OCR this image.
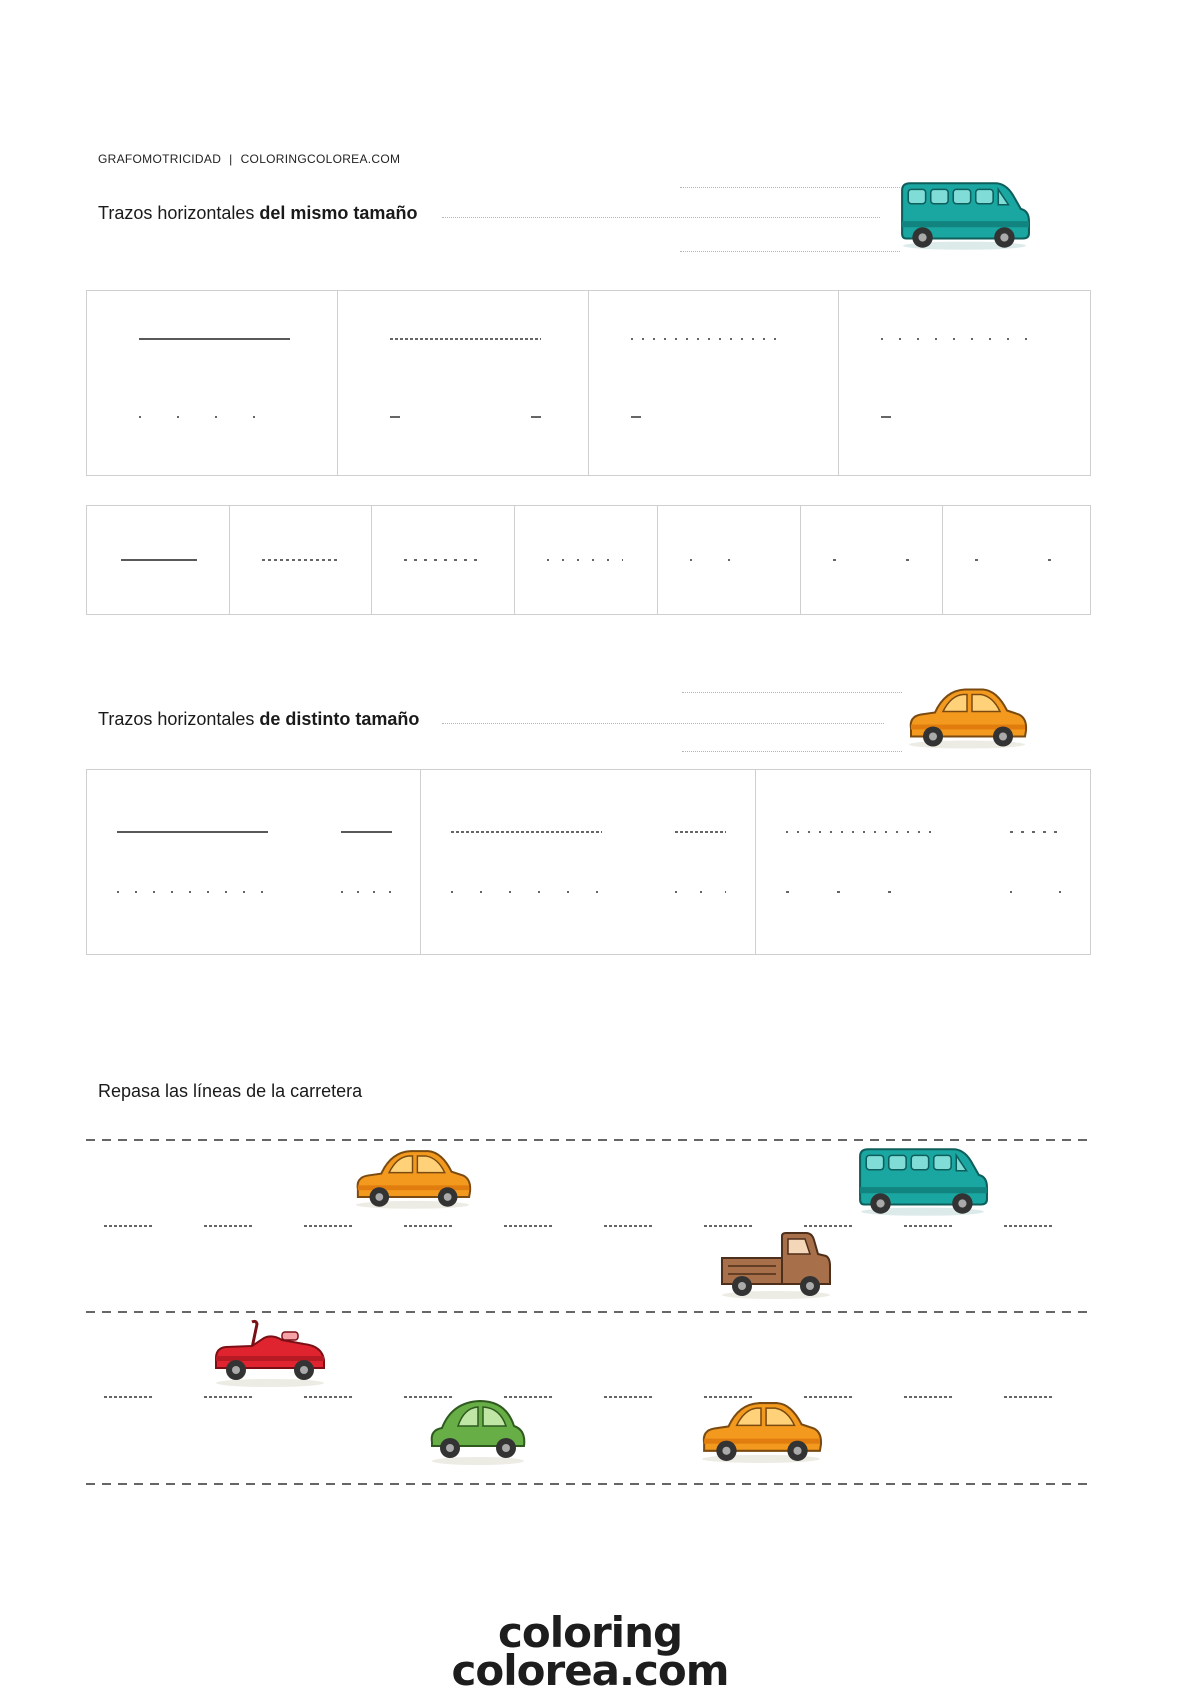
GRAFOMOTRICIDAD | COLORINGCOLOREA.COM
Trazos horizontales del mismo tamaño
Trazos horizontales de distinto tamaño
Repasa las líneas de la carretera
coloring
colorea.com
